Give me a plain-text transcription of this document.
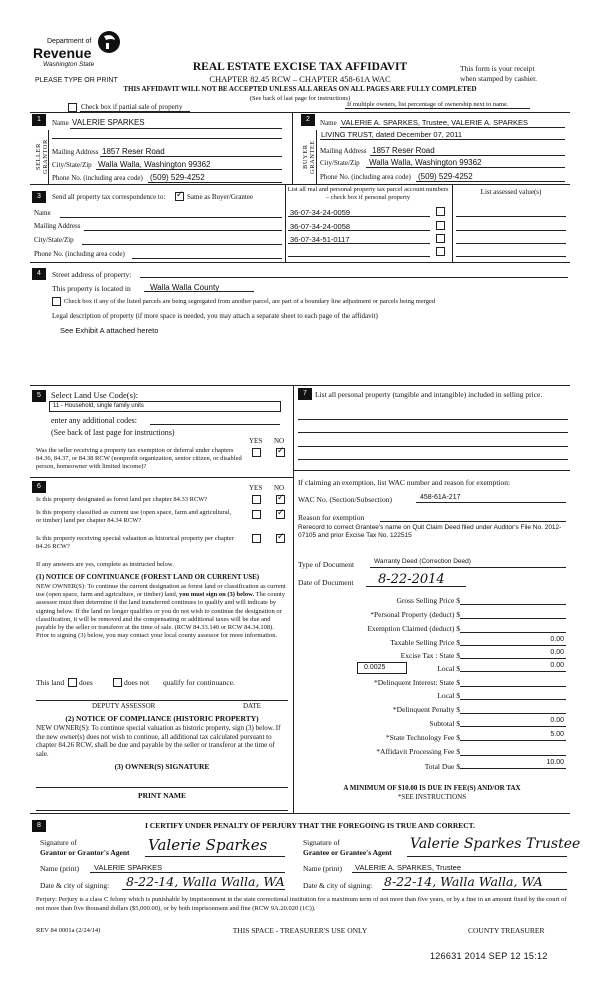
Department of
Revenue
Washington State
PLEASE TYPE OR PRINT
REAL ESTATE EXCISE TAX AFFIDAVIT
CHAPTER 82.45 RCW – CHAPTER 458-61A WAC
THIS AFFIDAVIT WILL NOT BE ACCEPTED UNLESS ALL AREAS ON ALL PAGES ARE FULLY COMPLETED
(See back of last page for instructions)
This form is your receipt
when stamped by cashier.
Check box if partial sale of property	If multiple owners, list percentage of ownership next to name.
1
SELLER GRANTOR
Name VALERIE SPARKES
Mailing Address 1857 Reser Road
City/State/Zip Walla Walla, Washington 99362
Phone No. (including area code) (509) 529-4252
2
BUYER GRANTEE
Name VALERIE A. SPARKES, Trustee, VALERIE A. SPARKES
LIVING TRUST, dated December 07, 2011
Mailing Address 1857 Reser Road
City/State/Zip Walla Walla, Washington 99362
Phone No. (including area code) (509) 529-4252
3	Send all property tax correspondence to:
✓	Same as Buyer/Grantee
Name
Mailing Address
City/State/Zip
Phone No. (including area code)
List all real and personal property tax parcel account numbers – check box if personal property
List assessed value(s)
36-07-34-24-0059
36-07-34-24-0058
36-07-34-51-0117
4	Street address of property:
This property is located in Walla Walla County
Check box if any of the listed parcels are being segregated from another parcel, are part of a boundary line adjustment or parcels being merged
Legal description of property (if more space is needed, you may attach a separate sheet to each page of the affidavit)
See Exhibit A attached hereto
5	Select Land Use Code(s):
11 - Household, single family units
enter any additional codes:
(See back of last page for instructions)
YES NO
Was the seller receiving a property tax exemption or deferral under chapters 84.36, 84.37, or 84.38 RCW (nonprofit organization, senior citizen, or disabled person, homeowner with limited income)?
✓
6	YES NO
Is this property designated as forest land per chapter 84.33 RCW?
✓
Is this property classified as current use (open space, farm and agricultural, or timber) land per chapter 84.34 RCW?
✓
Is this property receiving special valuation as historical property per chapter 84.26 RCW?
✓
If any answers are yes, complete as instructed below.
(1) NOTICE OF CONTINUANCE (FOREST LAND OR CURRENT USE)
NEW OWNER(S): To continue the current designation as forest land or classification as current use (open space, farm and agriculture, or timber) land, you must sign on (3) below. The county assessor must then determine if the land transferred continues to qualify and will indicate by signing below. If the land no longer qualifies or you do not wish to continue the designation or classification, it will be removed and the compensating or additional taxes will be due and payable by the seller or transferor at the time of sale. (RCW 84.33.140 or RCW 84.34.108). Prior to signing (3) below, you may contact your local county assessor for more information.
This land does	does not qualify for continuance.
DEPUTY ASSESSOR	DATE
(2) NOTICE OF COMPLIANCE (HISTORIC PROPERTY)
NEW OWNER(S): To continue special valuation as historic property, sign (3) below. If the new owner(s) does not wish to continue, all additional tax calculated pursuant to chapter 84.26 RCW, shall be due and payable by the seller or transferor at the time of sale.
(3) OWNER(S) SIGNATURE
PRINT NAME
7	List all personal property (tangible and intangible) included in selling price.
If claiming an exemption, list WAC number and reason for exemption:
WAC No. (Section/Subsection)	458-61A-217
Reason for exemption
Rerecord to correct Grantee's name on Quit Claim Deed filed under Auditor's File No. 2012-07105 and prior Excise Tax No. 122515
Type of Document	Warranty Deed (Correction Deed)
Date of Document 8-22-2014
Gross Selling Price $
*Personal Property (deduct) $
Exemption Claimed (deduct) $
Taxable Selling Price $	0.00
Excise Tax : State $	0.00
0.0025	Local $	0.00
*Delinquent Interest: State $
Local $
*Delinquent Penalty $
Subtotal $	0.00
*State Technology Fee $	5.00
*Affidavit Processing Fee $
Total Due $	10.00
A MINIMUM OF $10.00 IS DUE IN FEE(S) AND/OR TAX
*SEE INSTRUCTIONS
8	I CERTIFY UNDER PENALTY OF PERJURY THAT THE FOREGOING IS TRUE AND CORRECT.
Signature of
Grantor or Grantor's Agent Valerie Sparkes
Name (print) VALERIE SPARKES
Date & city of signing: 8-22-14, Walla Walla, WA
Signature of
Grantee or Grantee's Agent
Valerie Sparkes Trustee
Name (print) VALERIE A. SPARKES, Trustee
Date & city of signing: 8-22-14, Walla Walla, WA
Perjury: Perjury is a class C felony which is punishable by imprisonment in the state correctional institution for a maximum term of not more than five years, or by a fine in an amount fixed by the court of not more than five thousand dollars ($5,000.00), or by both imprisonment and fine (RCW 9A.20.020 (1C)).
REV 84 0001a (2/24/14)	THIS SPACE - TREASURER'S USE ONLY	COUNTY TREASURER
126631 2014 SEP 12 15:12
